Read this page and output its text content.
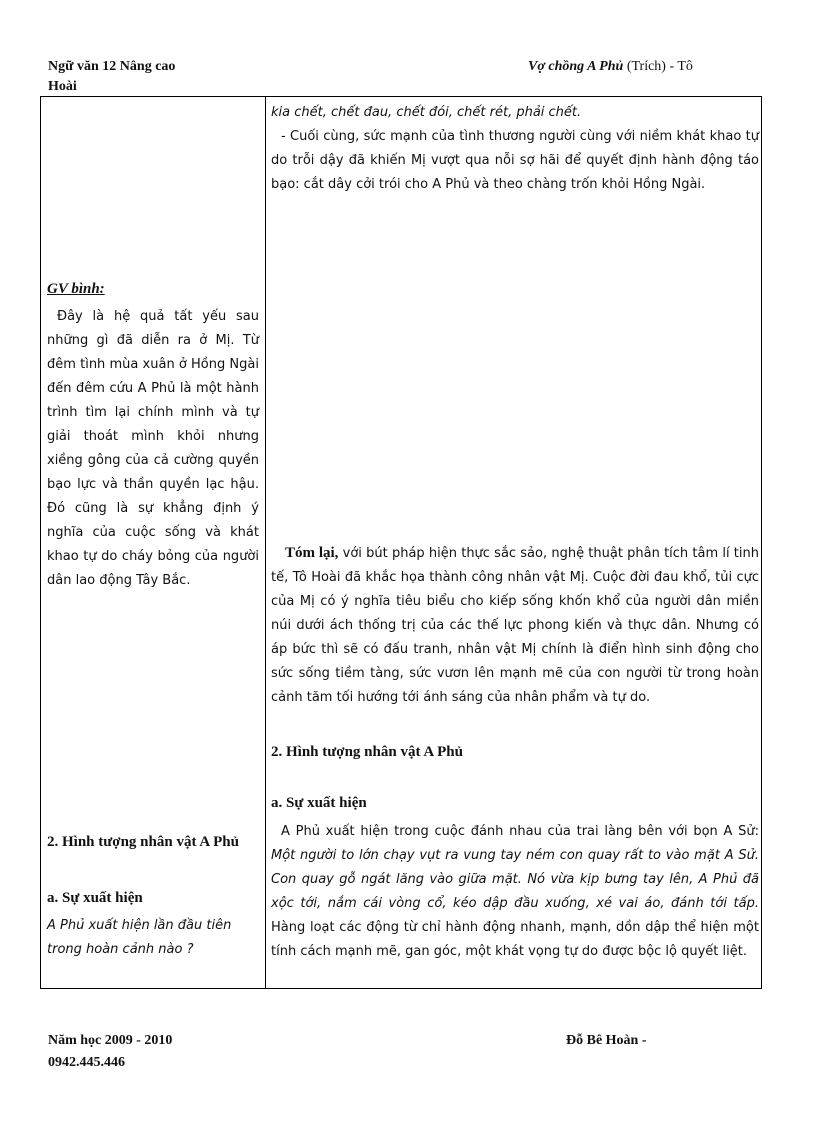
Ngữ văn 12 Nâng cao
Hoài
Vợ chồng A Phủ (Trích) - Tô

kia chết, chết đau, chết đói, chết rét, phải chết.

- Cuối cùng, sức mạnh của tình thương người cùng với niềm khát khao tự do trỗi dậy đã khiến Mị vượt qua nỗi sợ hãi để quyết định hành động táo bạo: cắt dây cởi trói cho A Phủ và theo chàng trốn khỏi Hồng Ngài.

Tóm lại, với bút pháp hiện thực sắc sảo, nghệ thuật phân tích tâm lí tinh tế, Tô Hoài đã khắc họa thành công nhân vật Mị. Cuộc đời đau khổ, tủi cực của Mị có ý nghĩa tiêu biểu cho kiếp sống khốn khổ của người dân miền núi dưới ách thống trị của các thế lực phong kiến và thực dân. Nhưng có áp bức thì sẽ có đấu tranh, nhân vật Mị chính là điển hình sinh động cho sức sống tiềm tàng, sức vươn lên mạnh mẽ của con người từ trong hoàn cảnh tăm tối hướng tới ánh sáng của nhân phẩm và tự do.

2. Hình tượng nhân vật A Phủ
a. Sự xuất hiện

A Phủ xuất hiện trong cuộc đánh nhau của trai làng bên với bọn A Sử: Một người to lớn chạy vụt ra vung tay ném con quay rất to vào mặt A Sử. Con quay gỗ ngát lăng vào giữa mặt. Nó vừa kịp bưng tay lên, A Phủ đã xộc tới, nắm cái vòng cổ, kéo dập đầu xuống, xé vai áo, đánh tới tấp. Hàng loạt các động từ chỉ hành động nhanh, mạnh, dồn dập thể hiện một tính cách mạnh mẽ, gan góc, một khát vọng tự do được bộc lộ quyết liệt.

GV bình:

Đây là hệ quả tất yếu sau những gì đã diễn ra ở Mị. Từ đêm tình mùa xuân ở Hồng Ngài đến đêm cứu A Phủ là một hành trình tìm lại chính mình và tự giải thoát mình khỏi nhưng xiềng gông của cả cường quyền bạo lực và thần quyền lạc hậu. Đó cũng là sự khẳng định ý nghĩa của cuộc sống và khát khao tự do cháy bỏng của người dân lao động Tây Bắc.

2. Hình tượng nhân vật A Phủ
a. Sự xuất hiện
A Phủ xuất hiện lần đầu tiên trong hoàn cảnh nào ?
Năm học 2009 - 2010
0942.445.446
Đỗ Bê Hoàn -
